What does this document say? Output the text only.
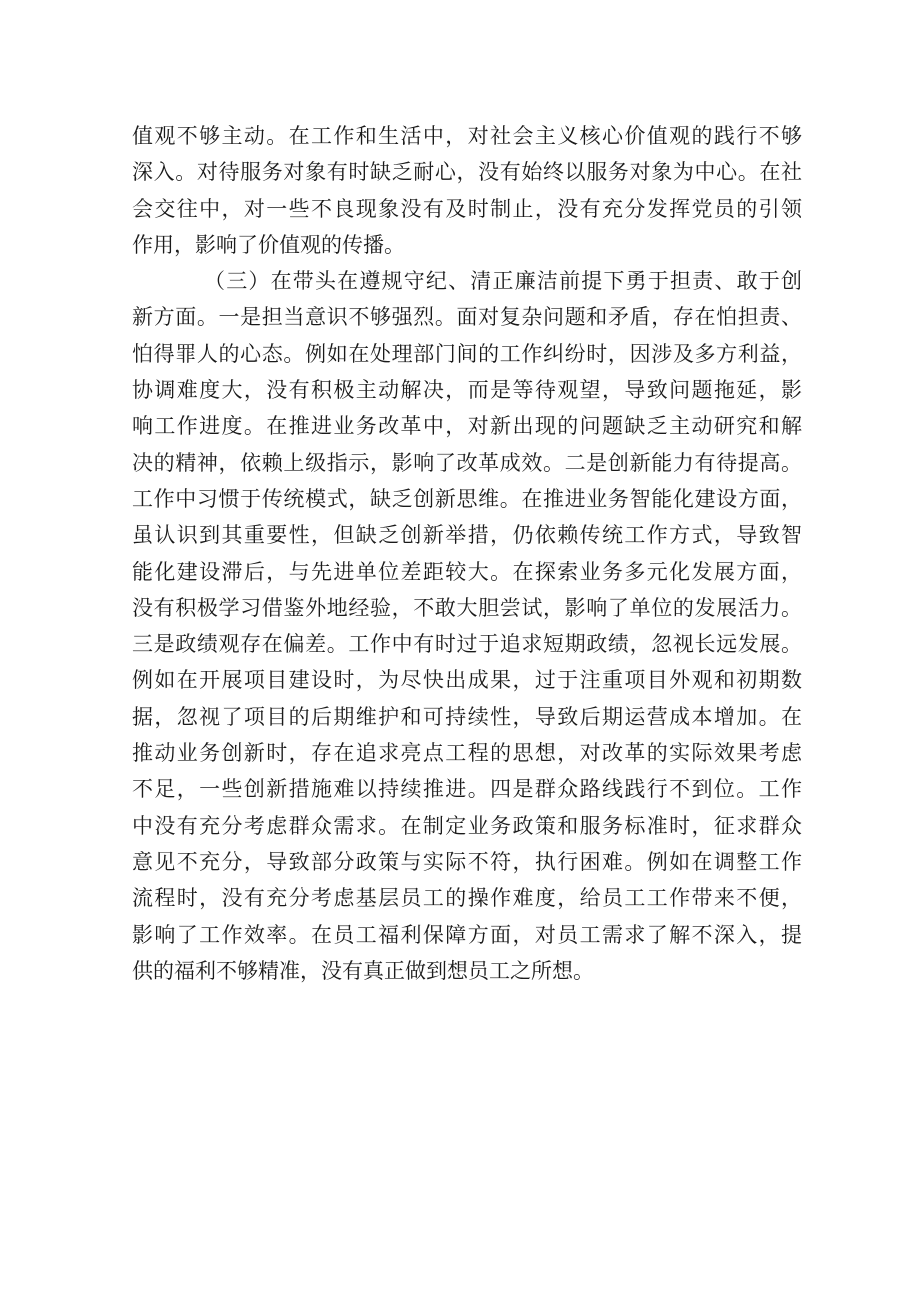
值观不够主动。在工作和生活中，对社会主义核心价值观的践行不够
深入。对待服务对象有时缺乏耐心，没有始终以服务对象为中心。在社
会交往中，对一些不良现象没有及时制止，没有充分发挥党员的引领
作用，影响了价值观的传播。
（三）在带头在遵规守纪、清正廉洁前提下勇于担责、敢于创
新方面。一是担当意识不够强烈。面对复杂问题和矛盾，存在怕担责、
怕得罪人的心态。例如在处理部门间的工作纠纷时，因涉及多方利益，
协调难度大，没有积极主动解决，而是等待观望，导致问题拖延，影
响工作进度。在推进业务改革中，对新出现的问题缺乏主动研究和解
决的精神，依赖上级指示，影响了改革成效。二是创新能力有待提高。
工作中习惯于传统模式，缺乏创新思维。在推进业务智能化建设方面，
虽认识到其重要性，但缺乏创新举措，仍依赖传统工作方式，导致智
能化建设滞后，与先进单位差距较大。在探索业务多元化发展方面，
没有积极学习借鉴外地经验，不敢大胆尝试，影响了单位的发展活力。
三是政绩观存在偏差。工作中有时过于追求短期政绩，忽视长远发展。
例如在开展项目建设时，为尽快出成果，过于注重项目外观和初期数
据，忽视了项目的后期维护和可持续性，导致后期运营成本增加。在
推动业务创新时，存在追求亮点工程的思想，对改革的实际效果考虑
不足，一些创新措施难以持续推进。四是群众路线践行不到位。工作
中没有充分考虑群众需求。在制定业务政策和服务标准时，征求群众
意见不充分，导致部分政策与实际不符，执行困难。例如在调整工作
流程时，没有充分考虑基层员工的操作难度，给员工工作带来不便，
影响了工作效率。在员工福利保障方面，对员工需求了解不深入，提
供的福利不够精准，没有真正做到想员工之所想。
